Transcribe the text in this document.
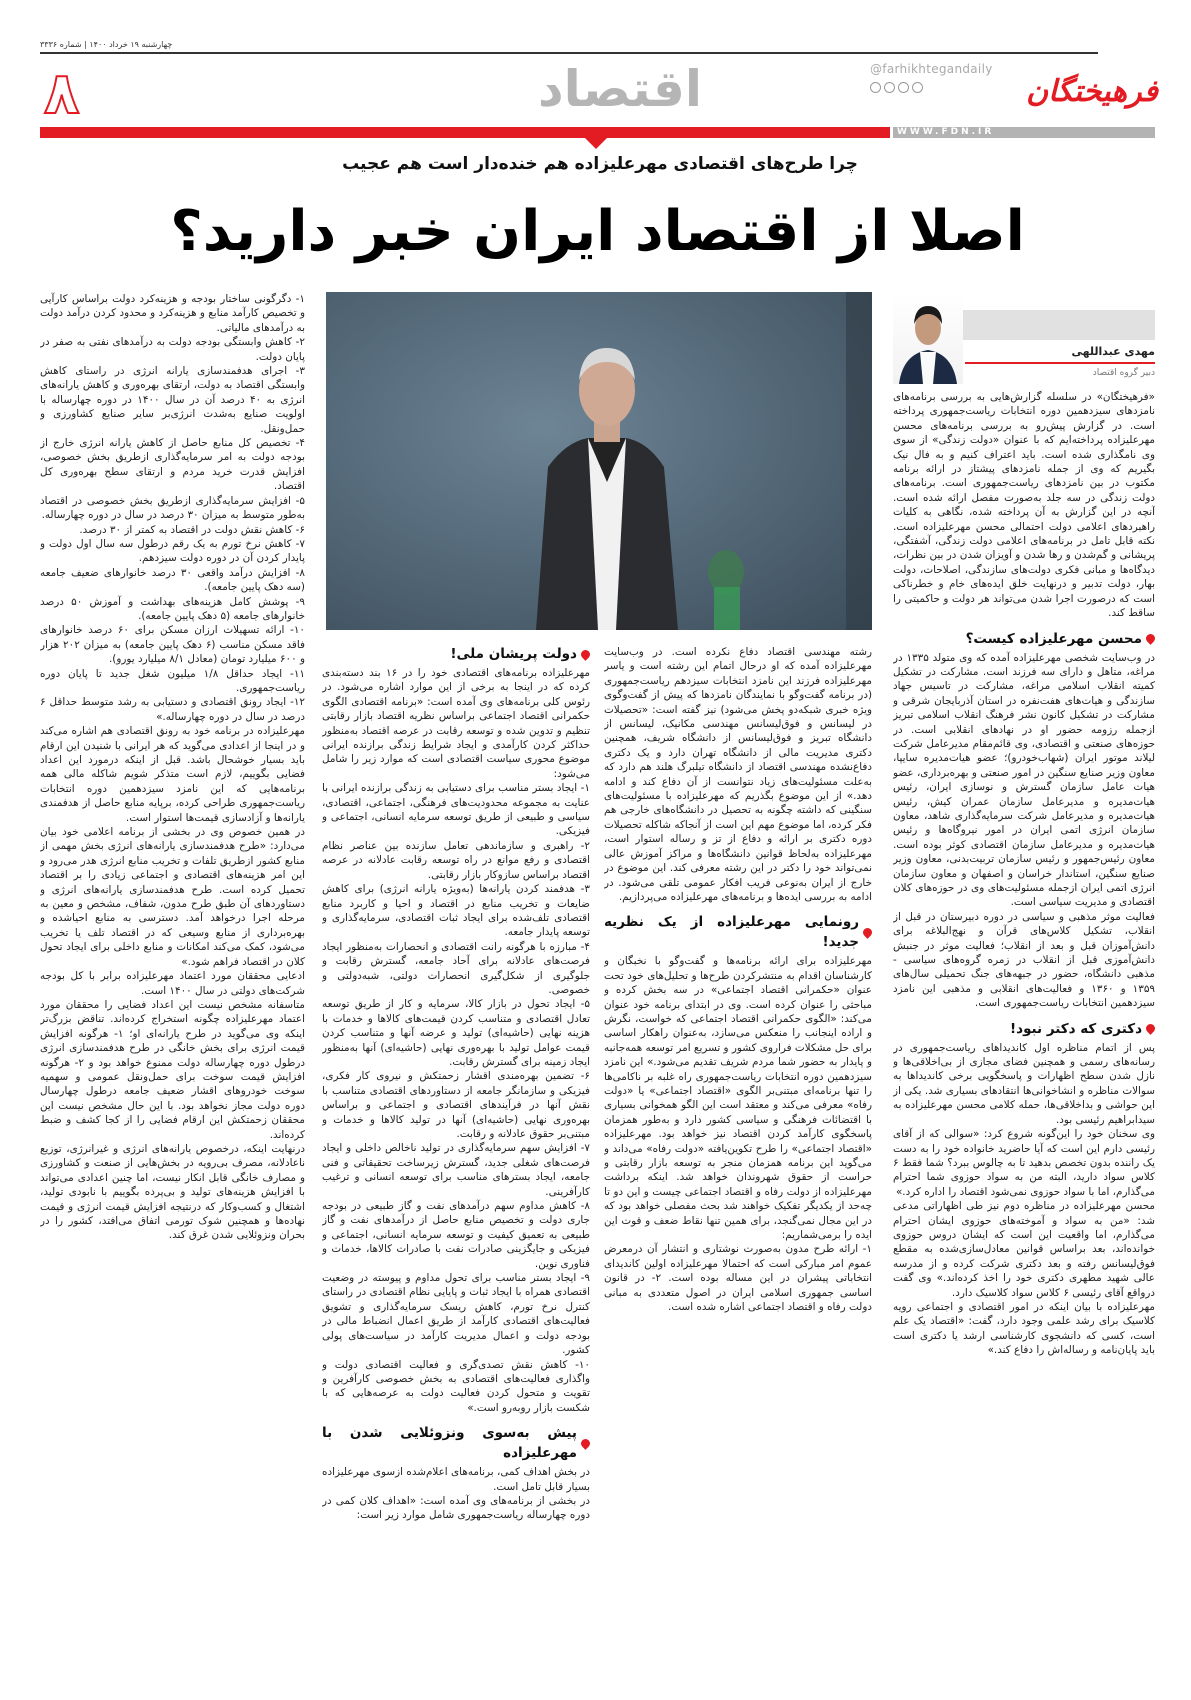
چهارشنبه ۱۹ خرداد ۱۴۰۰ | شماره ۳۳۳۶
فرهیختگان
@farhikhtegandaily
اقتصاد
۸
WWW.FDN.IR
چرا طرح‌های اقتصادی مهرعلیزاده هم خنده‌دار است هم عجیب
اصلا از اقتصاد ایران خبر دارید؟
مهدی عبداللهی
دبیر گروه اقتصاد

«فرهیختگان» در سلسله گزارش‌هایی به بررسی برنامه‌های نامزدهای سیزدهمین دوره انتخابات ریاست‌جمهوری پرداخته است. در گزارش پیش‌رو به بررسی برنامه‌های محسن مهرعلیزاده پرداخته‌ایم که با عنوان «دولت زندگی» از سوی وی نامگذاری شده است. باید اعتراف کنیم و به فال نیک بگیریم که وی از جمله نامزدهای پیشتاز در ارائه برنامه مکتوب در بین نامزدهای ریاست‌جمهوری است. برنامه‌های دولت زندگی در سه جلد به‌صورت مفصل ارائه شده است. آنچه در این گزارش به آن پرداخته شده، نگاهی به کلیات راهبردهای اعلامی دولت احتمالی محسن مهرعلیزاده است. نکته قابل تامل در برنامه‌های اعلامی دولت زندگی، آشفتگی، پریشانی و گم‌شدن و رها شدن و آویزان شدن در بین نظرات، دیدگاه‌ها و مبانی فکری دولت‌های سازندگی، اصلاحات، دولت بهار، دولت تدبیر و درنهایت خلق ایده‌های خام و خطرناکی است که درصورت اجرا شدن می‌تواند هر دولت و حاکمیتی را ساقط کند.

محسن مهرعلیزاده کیست؟

در وب‌سایت شخصی مهرعلیزاده آمده که وی متولد ۱۳۳۵ در مراغه، متاهل و دارای سه فرزند است. مشارکت در تشکیل کمیته انقلاب اسلامی مراغه، مشارکت در تاسیس جهاد سازندگی و هیات‌های هفت‌نفره در استان آذربایجان شرقی و مشارکت در تشکیل کانون نشر فرهنگ انقلاب اسلامی تبریز ازجمله رزومه حضور او در نهادهای انقلابی است. در حوزه‌های صنعتی و اقتصادی، وی قائم‌مقام مدیرعامل شرکت لیلاند موتور ایران (شهاب‌خودرو)؛ عضو هیات‌مدیره سایپا، معاون وزیر صنایع سنگین در امور صنعتی و بهره‌برداری، عضو هیات عامل سازمان گسترش و نوسازی ایران، رئیس هیات‌مدیره و مدیرعامل سازمان عمران کیش، رئیس هیات‌مدیره و مدیرعامل شرکت سرمایه‌گذاری شاهد، معاون سازمان انرژی اتمی ایران در امور نیروگاه‌ها و رئیس هیات‌مدیره و مدیرعامل سازمان اقتصادی کوثر بوده است. معاون رئیس‌جمهور و رئیس سازمان تربیت‌بدنی، معاون وزیر صنایع سنگین، استاندار خراسان و اصفهان و معاون سازمان انرژی اتمی ایران ازجمله مسئولیت‌های وی در حوزه‌های کلان اقتصادی و مدیریت سیاسی است.

فعالیت موثر مذهبی و سیاسی در دوره دبیرستان در قبل از انقلاب، تشکیل کلاس‌های قرآن و نهج‌البلاغه برای دانش‌آموزان قبل و بعد از انقلاب؛ فعالیت موثر در جنبش دانش‌آموزی قبل از انقلاب در زمره گروه‌های سیاسی - مذهبی دانشگاه، حضور در جبهه‌های جنگ تحمیلی سال‌های ۱۳۵۹ و ۱۳۶۰ و فعالیت‌های انقلابی و مذهبی این نامزد سیزدهمین انتخابات ریاست‌جمهوری است.

دکتری که دکتر نبود!

پس از اتمام مناظره اول کاندیداهای ریاست‌جمهوری در رسانه‌های رسمی و همچنین فضای مجازی از بی‌اخلاقی‌ها و نازل شدن سطح اظهارات و پاسخگویی برخی کاندیداها به سوالات مناظره و انشاخوانی‌ها انتقادهای بسیاری شد. یکی از این حواشی و بداخلاقی‌ها، حمله کلامی محسن مهرعلیزاده به سیدابراهیم رئیسی بود.

وی سخنان خود را این‌گونه شروع کرد: «سوالی که از آقای رئیسی دارم این است که آیا حاضرید خانواده خود را به دست یک راننده بدون تخصص بدهید تا به چالوس ببرد؟ شما فقط ۶ کلاس سواد دارید، البته من به سواد حوزوی شما احترام می‌گذارم، اما با سواد حوزوی نمی‌شود اقتصاد را اداره کرد.»

محسن مهرعلیزاده در مناظره دوم نیز طی اظهاراتی مدعی شد: «من به سواد و آموخته‌های حوزوی ایشان احترام می‌گذارم، اما واقعیت این است که ایشان دروس حوزوی خوانده‌اند، بعد براساس قوانین معادل‌سازی‌شده به مقطع فوق‌لیسانس رفته و بعد دکتری شرکت کرده و از مدرسه عالی شهید مطهری دکتری خود را اخذ کرده‌اند.» وی گفت درواقع آقای رئیسی ۶ کلاس سواد کلاسیک دارد.

مهرعلیزاده با بیان اینکه در امور اقتصادی و اجتماعی رویه کلاسیک برای رشد علمی وجود دارد، گفت: «اقتصاد یک علم است، کسی که دانشجوی کارشناسی ارشد یا دکتری است باید پایان‌نامه و رساله‌اش را دفاع کند.»

رشته مهندسی اقتصاد دفاع نکرده است. در وب‌سایت مهرعلیزاده آمده که او درحال اتمام این رشته است و یاسر مهرعلیزاده فرزند این نامزد انتخابات سیزدهم ریاست‌جمهوری (در برنامه گفت‌وگو با نمایندگان نامزدها که پیش از گفت‌وگوی ویژه خبری شبکه‌دو پخش می‌شود) نیز گفته است: «تحصیلات در لیسانس و فوق‌لیسانس مهندسی مکانیک، لیسانس از دانشگاه تبریز و فوق‌لیسانس از دانشگاه شریف، همچنین دکتری مدیریت مالی از دانشگاه تهران دارد و یک دکتری دفاع‌نشده مهندسی اقتصاد از دانشگاه تیلبرگ هلند هم دارد که به‌علت مسئولیت‌های زیاد نتوانست از آن دفاع کند و ادامه دهد.» از این موضوع بگذریم که مهرعلیزاده با مسئولیت‌های سنگینی که داشته چگونه به تحصیل در دانشگاه‌های خارجی هم فکر کرده، اما موضوع مهم این است از آنجاکه شاکله تحصیلات دوره دکتری بر ارائه و دفاع از تز و رساله استوار است، مهرعلیزاده به‌لحاظ قوانین دانشگاه‌ها و مراکز آموزش عالی نمی‌تواند خود را دکتر در این رشته معرفی کند. این موضوع در خارج از ایران به‌نوعی فریب افکار عمومی تلقی می‌شود. در ادامه به بررسی ایده‌ها و برنامه‌های مهرعلیزاده می‌پردازیم.

رونمایی مهرعلیزاده از یک نظریه جدید!

مهرعلیزاده برای ارائه برنامه‌ها و گفت‌وگو با نخبگان و کارشناسان اقدام به منتشرکردن طرح‌ها و تحلیل‌های خود تحت عنوان «حکمرانی اقتصاد اجتماعی» در سه بخش کرده و مباحثی را عنوان کرده است. وی در ابتدای برنامه خود عنوان می‌کند: «الگوی حکمرانی اقتصاد اجتماعی که خواست، نگرش و اراده اینجانب را منعکس می‌سازد، به‌عنوان راهکار اساسی برای حل مشکلات فراروی کشور و تسریع امر توسعه همه‌جانبه و پایدار به حضور شما مردم شریف تقدیم می‌شود.» این نامزد سیزدهمین دوره انتخابات ریاست‌جمهوری راه غلبه بر ناکامی‌ها را تنها برنامه‌ای مبتنی‌بر الگوی «اقتصاد اجتماعی» یا «دولت رفاه» معرفی می‌کند و معتقد است این الگو همخوانی بسیاری با اقتضائات فرهنگی و سیاسی کشور دارد و به‌طور همزمان پاسخگوی کارآمد کردن اقتصاد نیز خواهد بود. مهرعلیزاده «اقتصاد اجتماعی» را طرح تکوین‌یافته «دولت رفاه» می‌داند و می‌گوید این برنامه همزمان منجر به توسعه بازار رقابتی و حراست از حقوق شهروندان خواهد شد. اینکه برداشت مهرعلیزاده از دولت رفاه و اقتصاد اجتماعی چیست و این دو تا چه‌حد از یکدیگر تفکیک خواهند شد بحث مفصلی خواهد بود که در این مجال نمی‌گنجد، برای همین تنها نقاط ضعف و قوت این ایده را برمی‌شماریم:

۱- ارائه طرح مدون به‌صورت نوشتاری و انتشار آن درمعرض عموم امر مبارکی است که احتمالا مهرعلیزاده اولین کاندیدای انتخاباتی پیشران در این مساله بوده است. ۲- در قانون اساسی جمهوری اسلامی ایران در اصول متعددی به مبانی دولت رفاه و اقتصاد اجتماعی اشاره شده است.

دولت پریشان ملی!

مهرعلیزاده برنامه‌های اقتصادی خود را در ۱۶ بند دسته‌بندی کرده که در اینجا به برخی از این موارد اشاره می‌شود. در رئوس کلی برنامه‌های وی آمده است: «برنامه اقتصادی الگوی حکمرانی اقتصاد اجتماعی براساس نظریه اقتصاد بازار رقابتی تنظیم و تدوین شده و توسعه رقابت در عرصه اقتصاد به‌منظور حداکثر کردن کارآمدی و ایجاد شرایط زندگی برازنده ایرانی موضوع محوری سیاست اقتصادی است که موارد زیر را شامل می‌شود:

۱- ایجاد بستر مناسب برای دستیابی به زندگی برازنده ایرانی با عنایت به مجموعه محدودیت‌های فرهنگی، اجتماعی، اقتصادی، سیاسی و طبیعی از طریق توسعه سرمایه انسانی، اجتماعی و فیزیکی.

۲- راهبری و سازماندهی تعامل سازنده بین عناصر نظام اقتصادی و رفع موانع در راه توسعه رقابت عادلانه در عرصه اقتصاد براساس سازوکار بازار رقابتی.

۳- هدفمند کردن یارانه‌ها (به‌ویژه یارانه انرژی) برای کاهش ضایعات و تخریب منابع در اقتصاد و احیا و کاربرد منابع اقتصادی تلف‌شده برای ایجاد ثبات اقتصادی، سرمایه‌گذاری و توسعه پایدار جامعه.

۴- مبارزه با هرگونه رانت اقتصادی و انحصارات به‌منظور ایجاد فرصت‌های عادلانه برای آحاد جامعه، گسترش رقابت و جلوگیری از شکل‌گیری انحصارات دولتی، شبه‌دولتی و خصوصی.

۵- ایجاد تحول در بازار کالا، سرمایه و کار از طریق توسعه تعادل اقتصادی و متناسب کردن قیمت‌های کالاها و خدمات با هزینه نهایی (حاشیه‌ای) تولید و عرضه آنها و متناسب کردن قیمت عوامل تولید با بهره‌وری نهایی (حاشیه‌ای) آنها به‌منظور ایجاد زمینه برای گسترش رقابت.

۶- تضمین بهره‌مندی اقشار زحمتکش و نیروی کار فکری، فیزیکی و سازمانگر جامعه از دستاوردهای اقتصادی متناسب با نقش آنها در فرآیندهای اقتصادی و اجتماعی و براساس بهره‌وری نهایی (حاشیه‌ای) آنها در تولید کالاها و خدمات و مبتنی‌بر حقوق عادلانه و رقابت.

۷- افزایش سهم سرمایه‌گذاری در تولید ناخالص داخلی و ایجاد فرصت‌های شغلی جدید، گسترش زیرساخت تحقیقاتی و فنی جامعه، ایجاد بسترهای مناسب برای توسعه انسانی و ترغیب کارآفرینی.

۸- کاهش مداوم سهم درآمدهای نفت و گاز طبیعی در بودجه جاری دولت و تخصیص منابع حاصل از درآمدهای نفت و گاز طبیعی به تعمیق کیفیت و توسعه سرمایه انسانی، اجتماعی و فیزیکی و جایگزینی صادرات نفت با صادرات کالاها، خدمات و فناوری نوین.

۹- ایجاد بستر مناسب برای تحول مداوم و پیوسته در وضعیت اقتصادی همراه با ایجاد ثبات و پایایی نظام اقتصادی در راستای کنترل نرخ تورم، کاهش ریسک سرمایه‌گذاری و تشویق فعالیت‌های اقتصادی کارآمد از طریق اعمال انضباط مالی در بودجه دولت و اعمال مدیریت کارآمد در سیاست‌های پولی کشور.

۱۰- کاهش نقش تصدی‌گری و فعالیت اقتصادی دولت و واگذاری فعالیت‌های اقتصادی به بخش خصوصی کارآفرین و تقویت و متحول کردن فعالیت دولت به عرصه‌هایی که با شکست بازار روبه‌رو است.»

پیش به‌سوی ونزوئلایی شدن با مهرعلیزاده

در بخش اهداف کمی، برنامه‌های اعلام‌شده ازسوی مهرعلیزاده بسیار قابل تامل است.

در بخشی از برنامه‌های وی آمده است: «اهداف کلان کمی در دوره چهارساله ریاست‌جمهوری شامل موارد زیر است:

۱- دگرگونی ساختار بودجه و هزینه‌کرد دولت براساس کارآیی و تخصیص کارآمد منابع و هزینه‌کرد و محدود کردن درآمد دولت به درآمدهای مالیاتی.

۲- کاهش وابستگی بودجه دولت به درآمدهای نفتی به صفر در پایان دولت.

۳- اجرای هدفمندسازی یارانه انرژی در راستای کاهش وابستگی اقتصاد به دولت، ارتقای بهره‌وری و کاهش یارانه‌های انرژی به ۴۰ درصد آن در سال ۱۴۰۰ در دوره چهارساله با اولویت صنایع به‌شدت انرژی‌بر سایر صنایع کشاورزی و حمل‌ونقل.

۴- تخصیص کل منابع حاصل از کاهش یارانه انرژی خارج از بودجه دولت به امر سرمایه‌گذاری ازطریق بخش خصوصی، افزایش قدرت خرید مردم و ارتقای سطح بهره‌وری کل اقتصاد.

۵- افزایش سرمایه‌گذاری ازطریق بخش خصوصی در اقتصاد به‌طور متوسط به میزان ۳۰ درصد در سال در دوره چهارساله.

۶- کاهش نقش دولت در اقتصاد به کمتر از ۳۰ درصد.

۷- کاهش نرخ تورم به یک رقم درطول سه سال اول دولت و پایدار کردن آن در دوره دولت سیزدهم.

۸- افزایش درآمد واقعی ۳۰ درصد خانوارهای ضعیف جامعه (سه دهک پایین جامعه).

۹- پوشش کامل هزینه‌های بهداشت و آموزش ۵۰ درصد خانوارهای جامعه (۵ دهک پایین جامعه).

۱۰- ارائه تسهیلات ارزان مسکن برای ۶۰ درصد خانوارهای فاقد مسکن مناسب (۶ دهک پایین جامعه) به میزان ۲۰۲ هزار و ۶۰۰ میلیارد تومان (معادل ۸/۱ میلیارد یورو).

۱۱- ایجاد حداقل ۱/۸ میلیون شغل جدید تا پایان دوره ریاست‌جمهوری.

۱۲- ایجاد رونق اقتصادی و دستیابی به رشد متوسط حداقل ۶ درصد در سال در دوره چهارساله.»

مهرعلیزاده در برنامه خود به رونق اقتصادی هم اشاره می‌کند و در اینجا از اعدادی می‌گوید که هر ایرانی با شنیدن این ارقام باید بسیار خوشحال باشد. قبل از اینکه درمورد این اعداد فضایی بگوییم، لازم است متذکر شویم شاکله مالی همه برنامه‌هایی که این نامزد سیزدهمین دوره انتخابات ریاست‌جمهوری طراحی کرده، برپایه منابع حاصل از هدفمندی یارانه‌ها و آزادسازی قیمت‌ها استوار است.

در همین خصوص وی در بخشی از برنامه اعلامی خود بیان می‌دارد: «طرح هدفمندسازی یارانه‌های انرژی بخش مهمی از منابع کشور ازطریق تلفات و تخریب منابع انرژی هدر می‌رود و این امر هزینه‌های اقتصادی و اجتماعی زیادی را بر اقتصاد تحمیل کرده است. طرح هدفمندسازی یارانه‌های انرژی و دستاوردهای آن طبق طرح مدون، شفاف، مشخص و معین به مرحله اجرا درخواهد آمد. دسترسی به منابع احیاشده و بهره‌برداری از منابع وسیعی که در اقتصاد تلف یا تخریب می‌شود، کمک می‌کند امکانات و منابع داخلی برای ایجاد تحول کلان در اقتصاد فراهم شود.»

ادعایی محققان مورد اعتماد مهرعلیزاده برابر با کل بودجه شرکت‌های دولتی در سال ۱۴۰۰ است.

متاسفانه مشخص نیست این اعداد فضایی را محققان مورد اعتماد مهرعلیزاده چگونه استخراج کرده‌اند. تناقض بزرگ‌تر اینکه وی می‌گوید در طرح یارانه‌ای او؛ ۱- هرگونه افزایش قیمت انرژی برای بخش خانگی در طرح هدفمندسازی انرژی درطول دوره چهارساله دولت ممنوع خواهد بود و ۲- هرگونه افزایش قیمت سوخت برای حمل‌ونقل عمومی و سهمیه سوخت خودروهای اقشار ضعیف جامعه درطول چهارسال دوره دولت مجاز نخواهد بود. با این حال مشخص نیست این محققان زحمتکش این ارقام فضایی را از کجا کشف و ضبط کرده‌اند.

درنهایت اینکه، درخصوص یارانه‌های انرژی و غیرانرژی، توزیع ناعادلانه، مصرف بی‌رویه در بخش‌هایی از صنعت و کشاورزی و مصارف خانگی قابل انکار نیست، اما چنین اعدادی می‌تواند با افزایش هزینه‌های تولید و بی‌پرده بگوییم با نابودی تولید، اشتغال و کسب‌وکار که درنتیجه افزایش قیمت انرژی و قیمت نهاده‌ها و همچنین شوک تورمی اتفاق می‌افتد، کشور را در بحران ونزوئلایی شدن غرق کند.
